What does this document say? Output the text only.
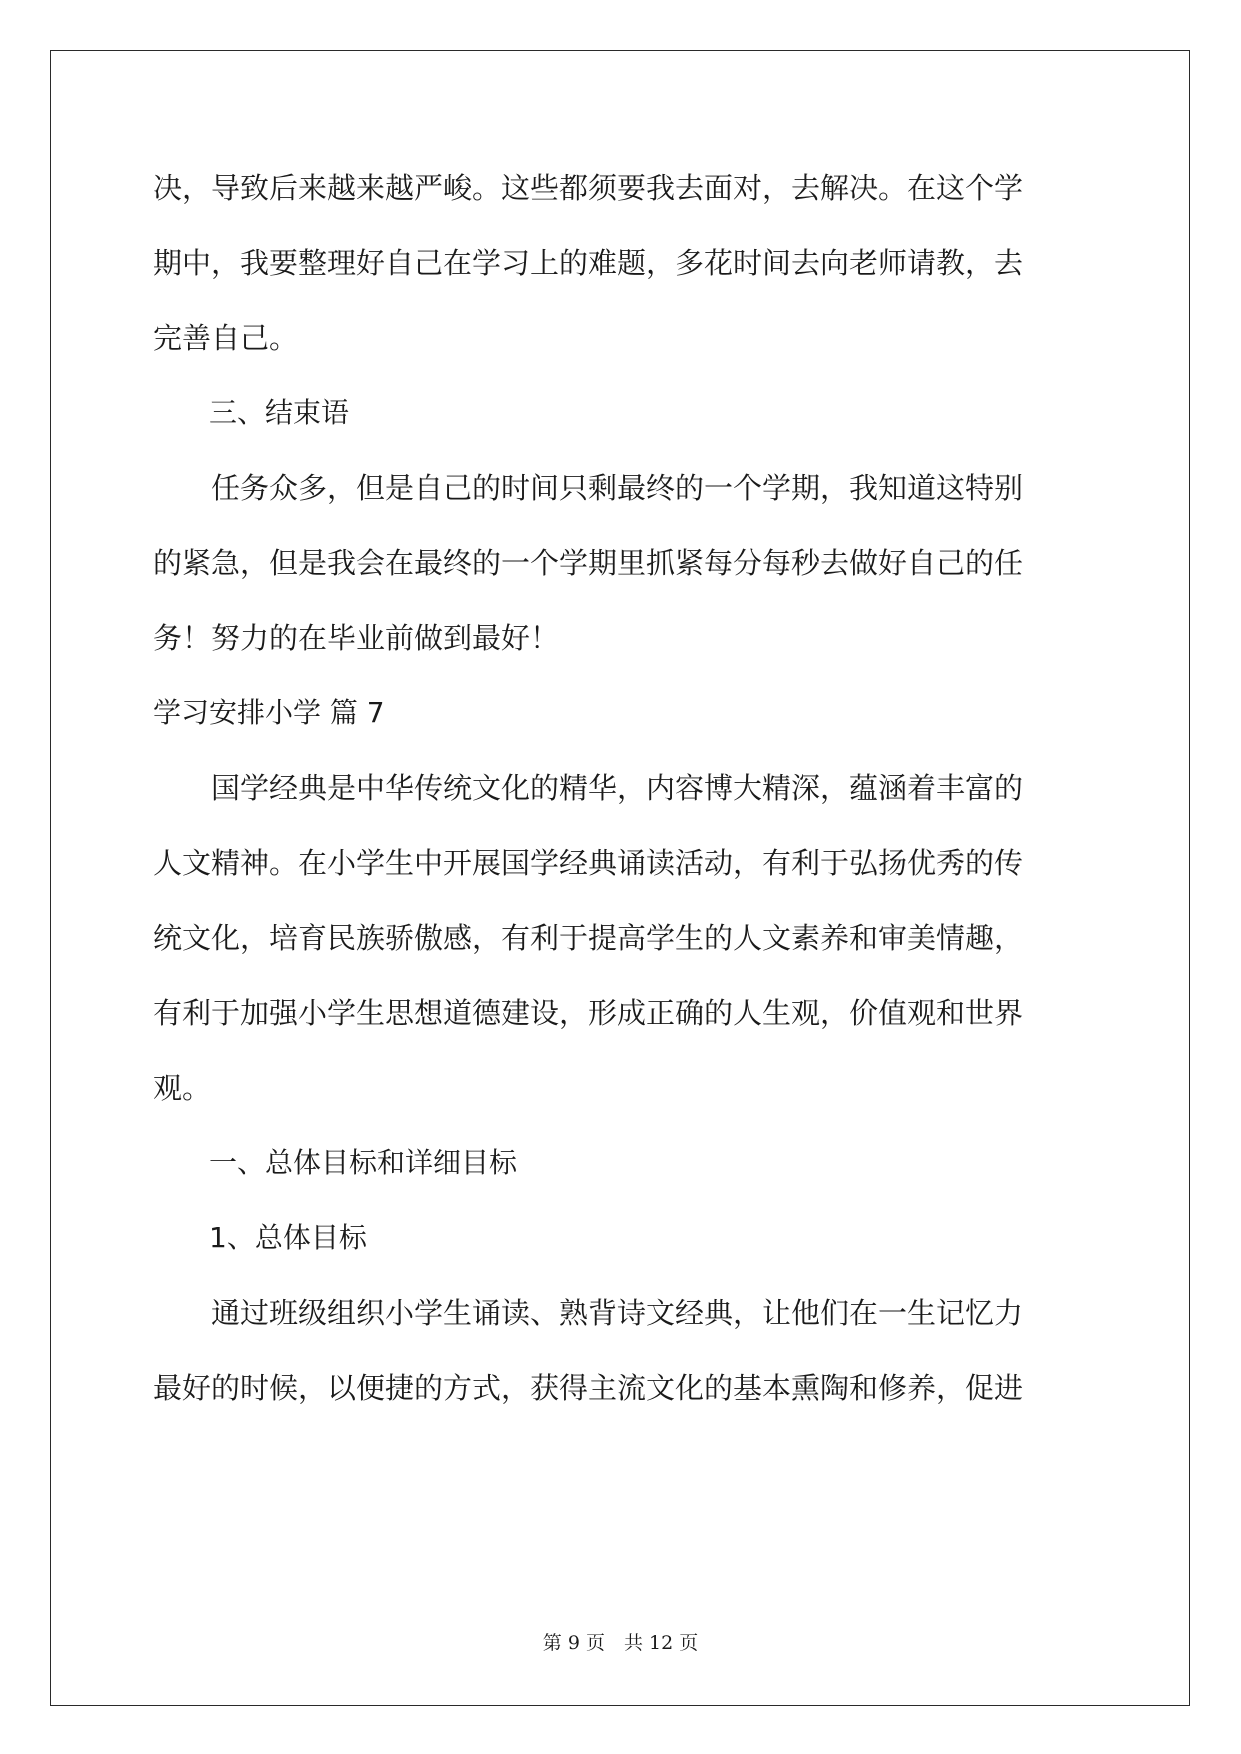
决，导致后来越来越严峻。这些都须要我去面对，去解决。在这个学
期中，我要整理好自己在学习上的难题，多花时间去向老师请教，去
完善自己。
　　三、结束语
　　任务众多，但是自己的时间只剩最终的一个学期，我知道这特别
的紧急，但是我会在最终的一个学期里抓紧每分每秒去做好自己的任
务！努力的在毕业前做到最好！
学习安排小学 篇 7
　　国学经典是中华传统文化的精华，内容博大精深，蕴涵着丰富的
人文精神。在小学生中开展国学经典诵读活动，有利于弘扬优秀的传
统文化，培育民族骄傲感，有利于提高学生的人文素养和审美情趣，
有利于加强小学生思想道德建设，形成正确的人生观，价值观和世界
观。
　　一、总体目标和详细目标
　　1、总体目标
　　通过班级组织小学生诵读、熟背诗文经典，让他们在一生记忆力
最好的时候，以便捷的方式，获得主流文化的基本熏陶和修养，促进
第 9 页　共 12 页
